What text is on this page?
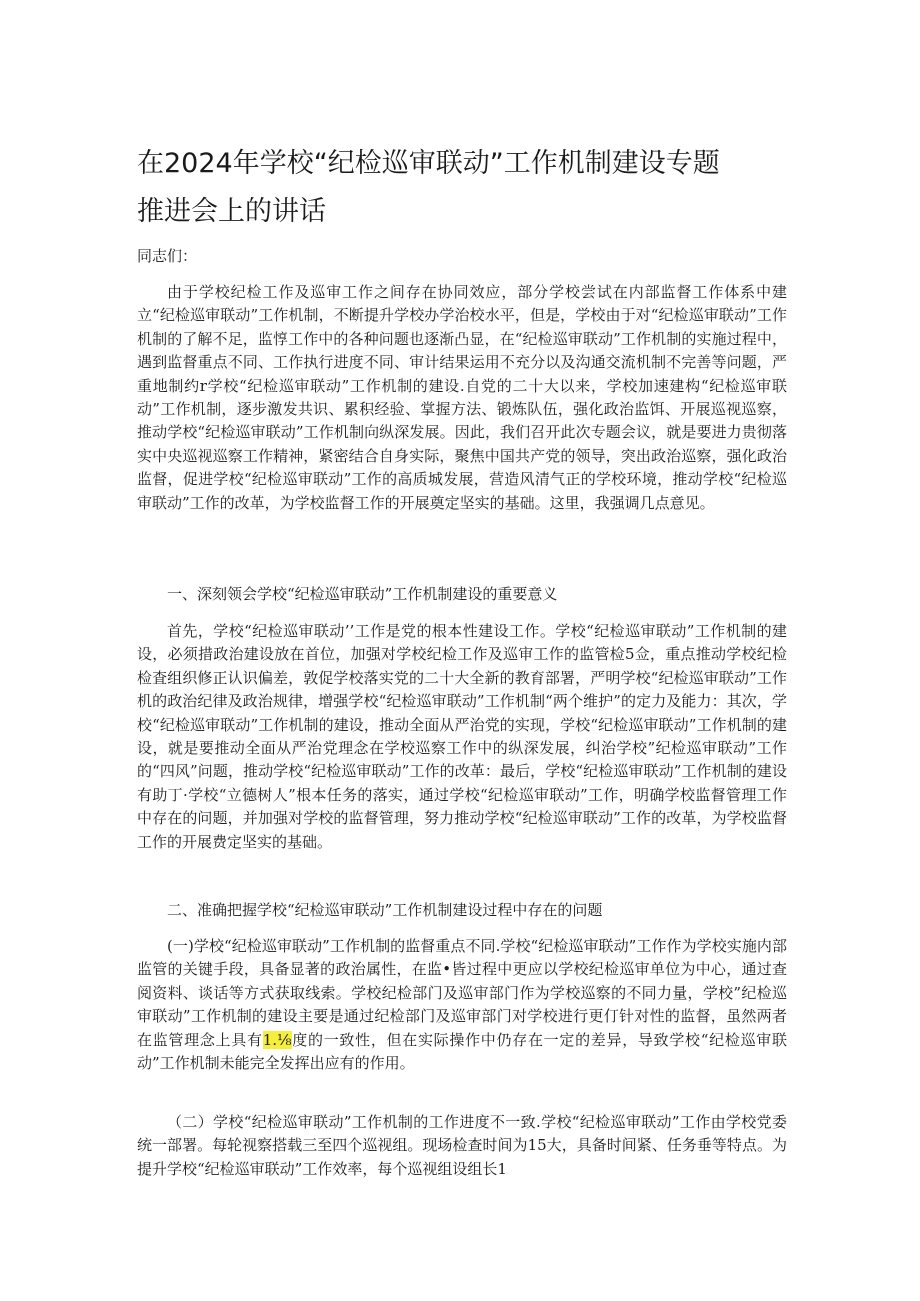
在2024年学校“纪检巡审联动”工作机制建设专题
推进会上的讲话
同志们：

由于学校纪检工作及巡审工作之间存在协同效应，部分学校尝试在内部监督工作体系中建立“纪检巡审联动”工作机制，不断提升学校办学治校水平，但是，学校由于对“纪检巡审联动”工作机制的了解不足，监惇工作中的各种问题也逐渐凸显，在“纪检巡审联动”工作机制的实施过程中，遇到监督重点不同、工作执行进度不同、审计结果运用不充分以及沟通交流机制不完善等问题，严重地制约r学校“纪检巡审联动”工作机制的建设.自党的二十大以来，学校加速建构“纪检巡审联动”工作机制，逐步激发共识、累积经验、掌握方法、锻炼队伍，强化政治监饵、开展巡视巡察，推动学校“纪检巡审联动”工作机制向纵深发展。因此，我们召开此次专题会议，就是要进力贵彻落实中央巡视巡察工作精神，紧密结合自身实际，聚焦中国共产党的领导，突出政治巡察，强化政治监督，促进学校“纪检巡审联动”工作的高质城发展，营造风清气正的学校环境，推动学校“纪检巡审联动”工作的改革，为学校监督工作的开展奠定坚实的基础。这里，我强调几点意见。

一、深刻领会学校“纪检巡审联动”工作机制建设的重要意义

首先，学校“纪检巡审联动’’工作是党的根本性建设工作。学校“纪检巡审联动”工作机制的建设，必须措政治建设放在首位，加强对学校纪检工作及巡审工作的监管检5佥，重点推动学校纪检检査组织修正认识偏差，敦促学校落实党的二十大全新的教育部署，严明学校“纪检巡审联动”工作机的政治纪律及政治规律，增强学校“纪检巡审联动”工作机制“两个维护”的定力及能力：其次，学校“纪检巡审联动”工作机制的建设，推动全面从严治党的实现，学校“纪检巡审联动”工作机制的建设，就是要推动全面从严治党理念在学校巡察工作中的纵深发展，纠治学校”纪检巡审联动”工作的“四风”问题，推动学校“纪检巡审联动”工作的改革：最后，学校“纪检巡审联动”工作机制的建设有助丁·学校“立德树人”根本任务的落实，通过学校“纪检巡审联动”工作，明确学校监督管理工作中存在的问题，并加强对学校的监督管理，努力推动学校“纪检巡审联动”工作的改革，为学校监督工作的开展费定坚实的基础。

二、准确把握学校“纪检巡审联动”工作机制建设过程中存在的问题

(一)学校“纪检巡审联动”工作机制的监督重点不同.学校“纪检巡审联动”工作作为学校实施内部监管的关键手段，具备显著的政治属性，在监•皆过程中更应以学校纪检巡审单位为中心，通过查阅资料、谈话等方式获取线索。学校纪检部门及巡审部门作为学校巡察的不同力量，学校”纪检巡审联动”工作机制的建设主要是通过纪检部门及巡审部门对学校进行更仃针对性的监督，虽然两者在监管理念上具有1.⅛度的一致性，但在实际操作中仍存在一定的差异，导致学校“纪检巡审联动”工作机制未能完全发挥出应有的作用。

（二）学校“纪检巡审联动”工作机制的工作进度不一致.学校“纪检巡审联动”工作由学校党委统一部署。每轮视察搭载三至四个巡视组。现场检查时间为15大，具备时间紧、任务垂等特点。为提升学校“纪检巡审联动”工作效率，每个巡视组设组长1
